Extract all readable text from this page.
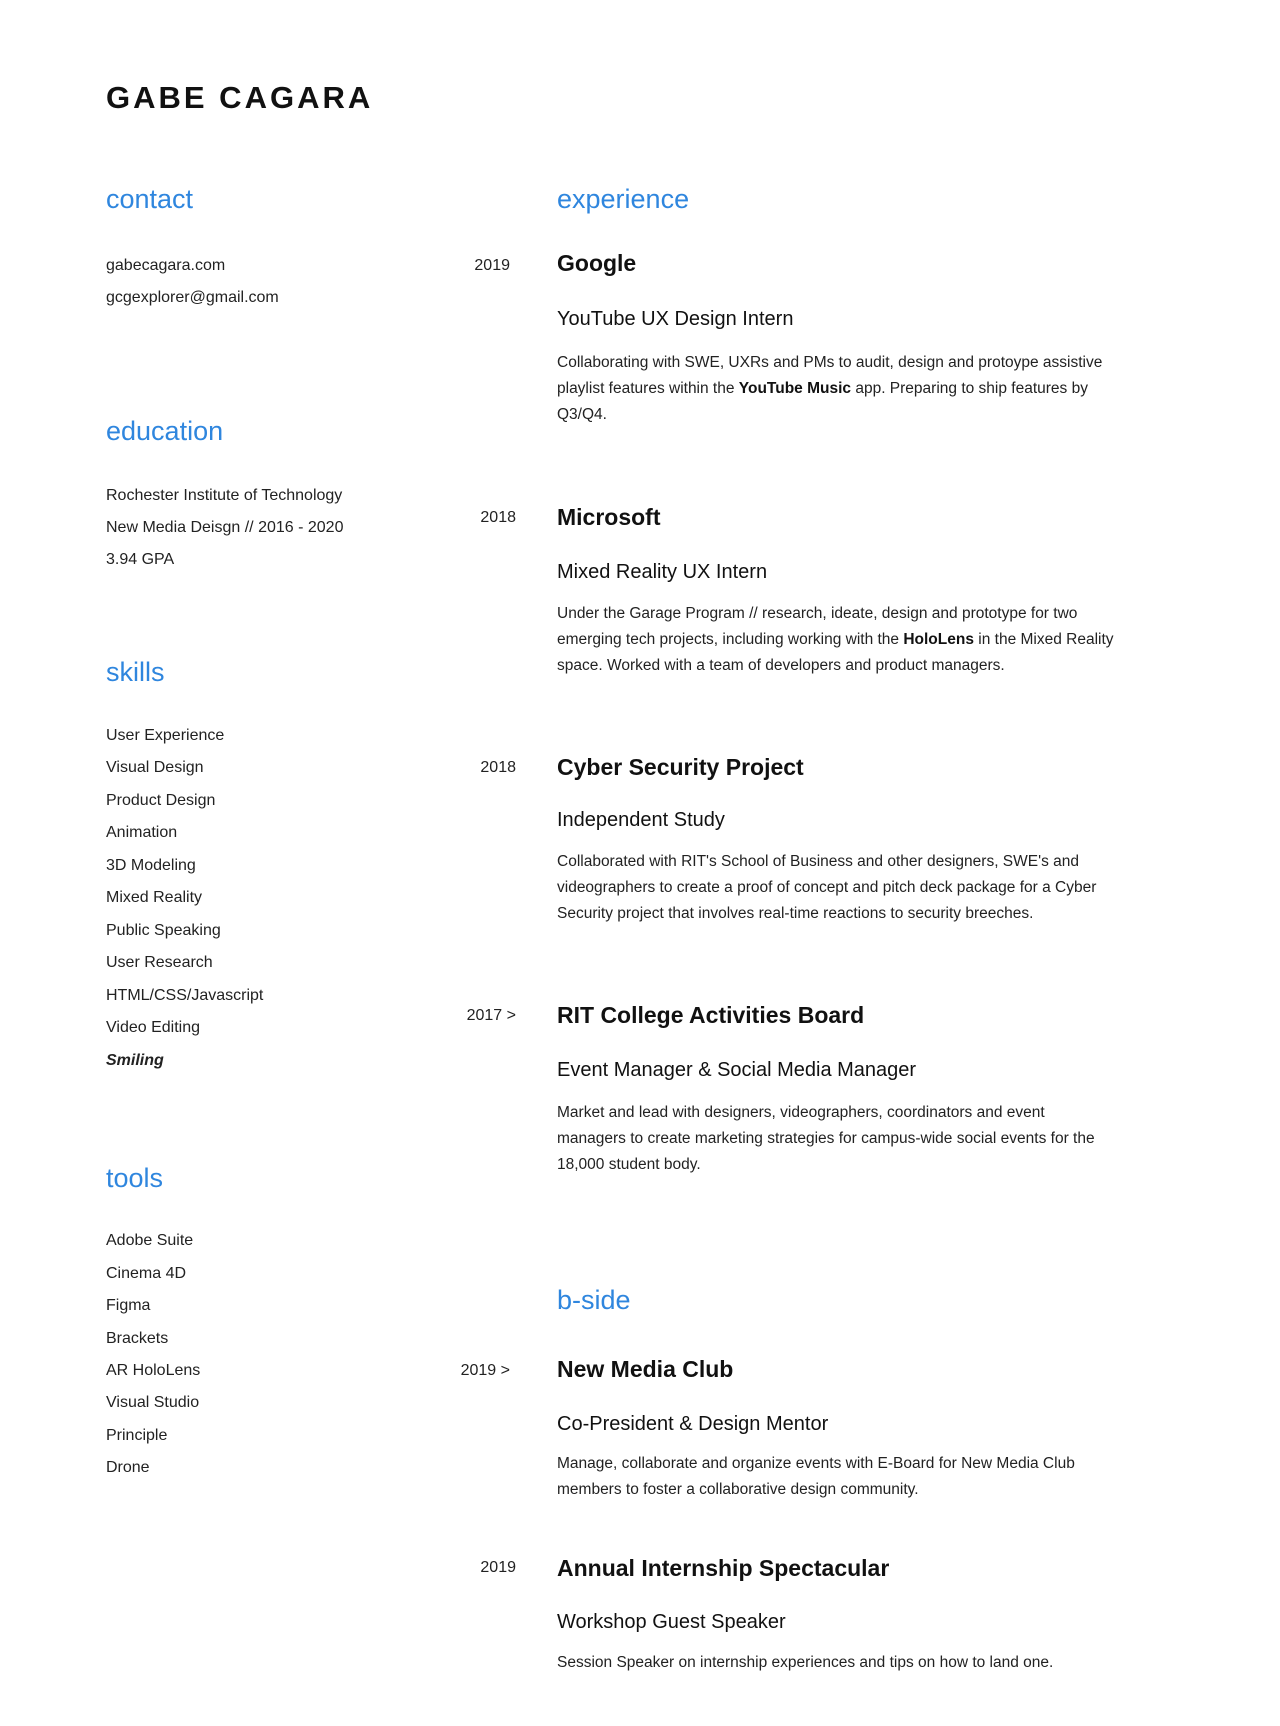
GABE CAGARA
contact
gabecagara.com
gcgexplorer@gmail.com
education
Rochester Institute of Technology
New Media Deisgn // 2016 - 2020
3.94 GPA
skills
User Experience
Visual Design
Product Design
Animation
3D Modeling
Mixed Reality
Public Speaking
User Research
HTML/CSS/Javascript
Video Editing
Smiling
tools
Adobe Suite
Cinema 4D
Figma
Brackets
AR HoloLens
Visual Studio
Principle
Drone
experience
2019 Google
YouTube UX Design Intern
Collaborating with SWE, UXRs and PMs to audit, design and protoype assistive playlist features within the YouTube Music app. Preparing to ship features by Q3/Q4.
2018 Microsoft
Mixed Reality UX Intern
Under the Garage Program // research, ideate, design and prototype for two emerging tech projects, including working with the HoloLens in the Mixed Reality space. Worked with a team of developers and product managers.
2018 Cyber Security Project
Independent Study
Collaborated with RIT's School of Business and other designers, SWE's and videographers to create a proof of concept and pitch deck package for a Cyber Security project that involves real-time reactions to security breeches.
2017 > RIT College Activities Board
Event Manager & Social Media Manager
Market and lead with designers, videographers, coordinators and event managers to create marketing strategies for campus-wide social events for the 18,000 student body.
b-side
2019 > New Media Club
Co-President & Design Mentor
Manage, collaborate and organize events with E-Board for New Media Club members to foster a collaborative design community.
2019 Annual Internship Spectacular
Workshop Guest Speaker
Session Speaker on internship experiences and tips on how to land one.
